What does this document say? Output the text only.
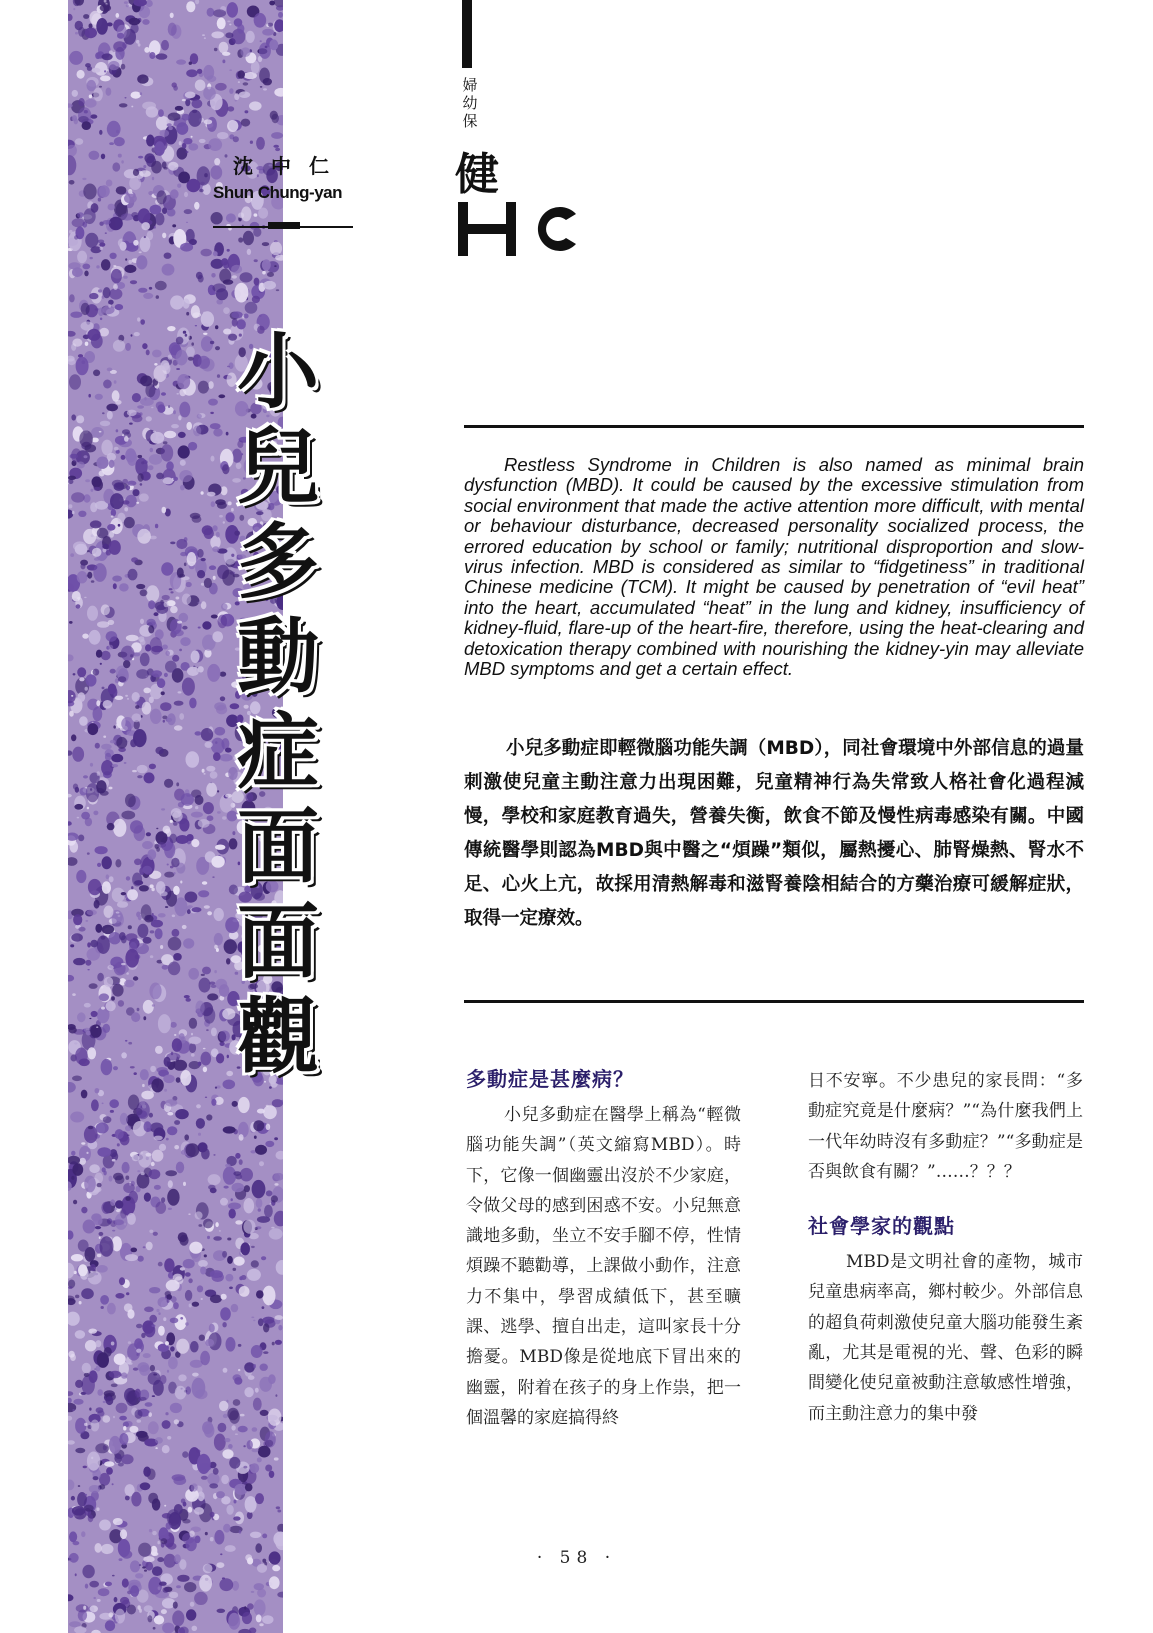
沈中仁
Shun Chung-yan
小
兒
多
動
症
面
面
觀
婦
幼
保
健

Restless Syndrome in Children is also named as minimal brain dysfunction (MBD). It could be caused by the excessive stimulation from social environment that made the active attention more difficult, with mental or behaviour disturbance, decreased personality socialized process, the errored education by school or family; nutritional disproportion and slow-virus infection. MBD is considered as similar to “fidgetiness” in traditional Chinese medicine (TCM). It might be caused by penetration of “evil heat” into the heart, accumulated “heat” in the lung and kidney, insufficiency of kidney-fluid, flare-up of the heart-fire, therefore, using the heat-clearing and detoxication therapy combined with nourishing the kidney-yin may alleviate MBD symptoms and get a certain effect.

小兒多動症即輕微腦功能失調（MBD），同社會環境中外部信息的過量刺激使兒童主動注意力出現困難，兒童精神行為失常致人格社會化過程減慢，學校和家庭教育過失，營養失衡，飲食不節及慢性病毒感染有關。中國傳統醫學則認為MBD與中醫之“煩躁”類似，屬熱擾心、肺腎燥熱、腎水不足、心火上亢，故採用清熱解毒和滋腎養陰相結合的方藥治療可緩解症狀，取得一定療效。

多動症是甚麼病？

小兒多動症在醫學上稱為“輕微腦功能失調”（英文縮寫MBD）。時下，它像一個幽靈出沒於不少家庭，令做父母的感到困惑不安。小兒無意識地多動，坐立不安手腳不停，性情煩躁不聽勸導，上課做小動作，注意力不集中，學習成績低下，甚至曠課、逃學、擅自出走，這叫家長十分擔憂。MBD像是從地底下冒出來的幽靈，附着在孩子的身上作祟，把一個溫馨的家庭搞得終

日不安寧。不少患兒的家長問：“多動症究竟是什麼病？”“為什麼我們上一代年幼時沒有多動症？”“多動症是否與飲食有關？”……？？？

社會學家的觀點

MBD是文明社會的產物，城市兒童患病率高，鄉村較少。外部信息的超負荷刺激使兒童大腦功能發生紊亂，尤其是電視的光、聲、色彩的瞬間變化使兒童被動注意敏感性增強，而主動注意力的集中發

· 58 ·
